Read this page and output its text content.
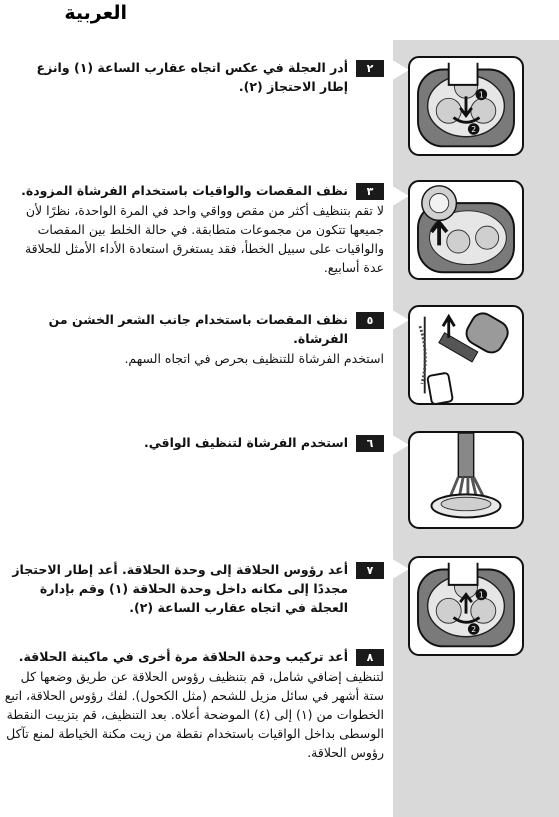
العربية
1
2
1
2
٢
أدر العجلة في عكس اتجاه عقارب الساعة (١) وانزع إطار الاحتجاز (٢).
٣
نظف المقصات والواقيات باستخدام الفرشاة المزودة.
لا تقم بتنظيف أكثر من مقص وواقي واحد في المرة الواحدة، نظرًا لأن جميعها تتكون من مجموعات متطابقة. في حالة الخلط بين المقصات والواقيات على سبيل الخطأ، فقد يستغرق استعادة الأداء الأمثل للحلاقة عدة أسابيع.
٥
نظف المقصات باستخدام جانب الشعر الخشن من الفرشاة.
استخدم الفرشاة للتنظيف بحرص في اتجاه السهم.
٦
استخدم الفرشاة لتنظيف الواقي.
٧
أعد رؤوس الحلاقة إلى وحدة الحلاقة. أعد إطار الاحتجاز مجددًا إلى مكانه داخل وحدة الحلاقة (١) وقم بإدارة العجلة في اتجاه عقارب الساعة (٢).
٨
أعد تركيب وحدة الحلاقة مرة أخرى في ماكينة الحلاقة.
لتنظيف إضافي شامل، قم بتنظيف رؤوس الحلاقة عن طريق وضعها كل ستة أشهر في سائل مزيل للشحم (مثل الكحول). لفك رؤوس الحلاقة، اتبع الخطوات من (١) إلى (٤) الموضحة أعلاه. بعد التنظيف، قم بتزييت النقطة الوسطى بداخل الواقيات باستخدام نقطة من زيت مكنة الخياطة لمنع تآكل رؤوس الحلاقة.
